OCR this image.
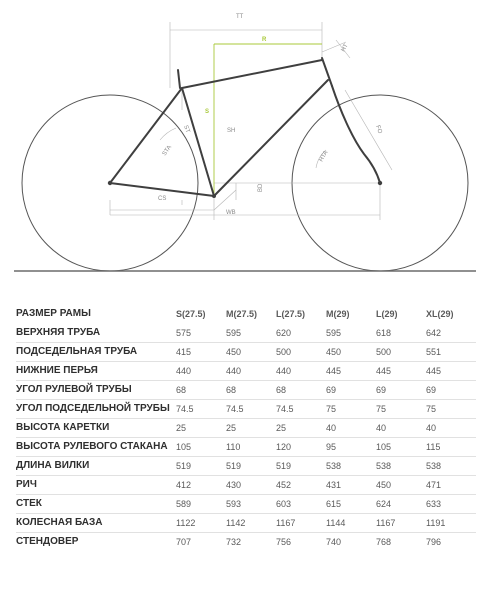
TT
R
HT
ST
S
SH
STA
FO
HTA
CS
BD
WB
РАЗМЕР РАМЫ	S(27.5)	M(27.5)	L(27.5)	M(29)	L(29)	XL(29)
ВЕРХНЯЯ ТРУБА	575	595	620	595	618	642
ПОДСЕДЕЛЬНАЯ ТРУБА	415	450	500	450	500	551
НИЖНИЕ ПЕРЬЯ	440	440	440	445	445	445
УГОЛ РУЛЕВОЙ ТРУБЫ	68	68	68	69	69	69
УГОЛ ПОДСЕДЕЛЬНОЙ ТРУБЫ	74.5	74.5	74.5	75	75	75
ВЫСОТА КАРЕТКИ	25	25	25	40	40	40
ВЫСОТА РУЛЕВОГО СТАКАНА	105	110	120	95	105	115
ДЛИНА ВИЛКИ	519	519	519	538	538	538
РИЧ	412	430	452	431	450	471
СТЕК	589	593	603	615	624	633
КОЛЕСНАЯ БАЗА	1122	1142	1167	1144	1167	1191
СТЕНДОВЕР	707	732	756	740	768	796
